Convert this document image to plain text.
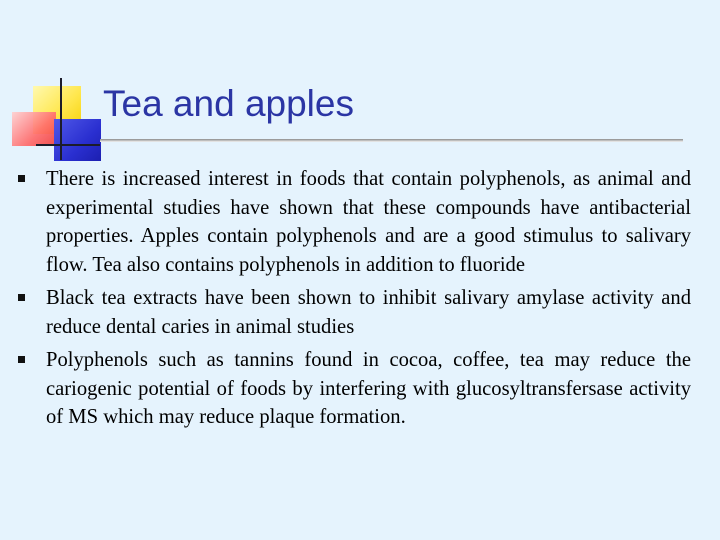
Tea and apples
There is increased interest in foods that contain polyphenols, as animal and experimental studies have shown that these compounds have antibacterial properties. Apples contain polyphenols and are a good stimulus to salivary flow. Tea also contains polyphenols in addition to fluoride
Black tea extracts have been shown to inhibit salivary amylase activity and reduce dental caries in animal studies
Polyphenols such as tannins found in cocoa, coffee, tea may reduce the cariogenic potential of foods by interfering with glucosyltransfersase activity of MS which may reduce plaque formation.
